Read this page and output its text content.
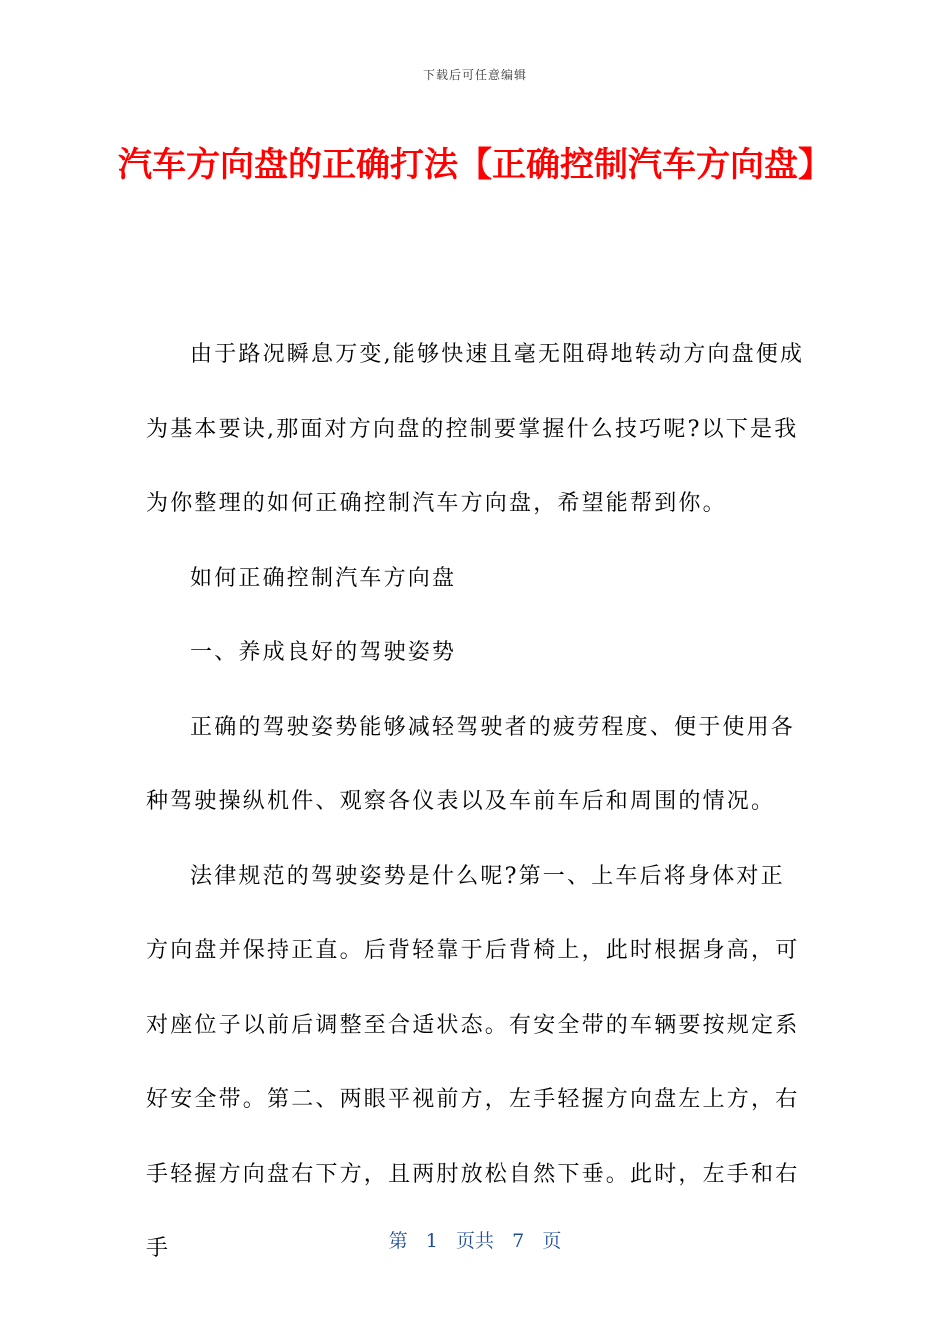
下载后可任意编辑
汽车方向盘的正确打法【正确控制汽车方向盘】

由于路况瞬息万变,能够快速且毫无阻碍地转动方向盘便成为基本要诀,那面对方向盘的控制要掌握什么技巧呢?以下是我为你整理的如何正确控制汽车方向盘，希望能帮到你。

如何正确控制汽车方向盘

一、养成良好的驾驶姿势

正确的驾驶姿势能够减轻驾驶者的疲劳程度、便于使用各种驾驶操纵机件、观察各仪表以及车前车后和周围的情况。

法律规范的驾驶姿势是什么呢?第一、上车后将身体对正方向盘并保持正直。后背轻靠于后背椅上，此时根据身高，可对座位子以前后调整至合适状态。有安全带的车辆要按规定系好安全带。第二、两眼平视前方，左手轻握方向盘左上方，右手轻握方向盘右下方，且两肘放松自然下垂。此时，左手和右手	第 1 页共 7 页
